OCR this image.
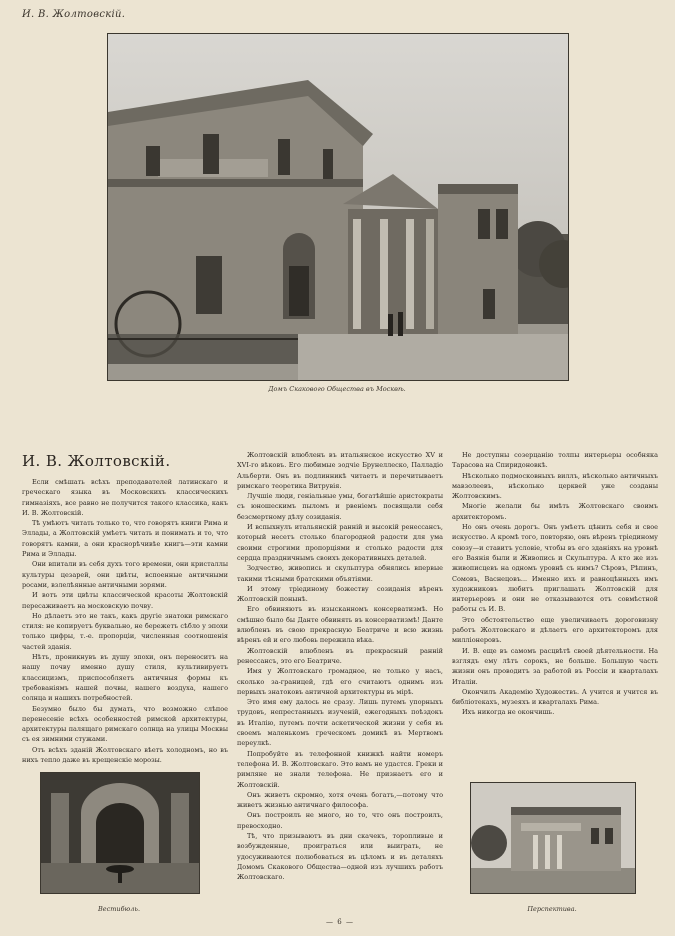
И. В. Жолтовскій.
Домъ Скакового Общества въ Москвѣ.
И. В. Жолтовскій.

Если смѣшать всѣхъ преподавателей латинскаго и греческаго языка въ Московскихъ классическихъ гимназіяхъ, все равно не получится такого классика, какъ И. В. Жолтовскій.

Тѣ умѣютъ читать только то, что говорятъ книги Рима и Эллады, а Жолтовскій умѣетъ читать и понимать и то, что говорятъ камни, а они краснорѣчивѣе книгъ—эти камни Рима и Эллады.

Они впитали въ себя духъ того времени, они кристаллы культуры цезарей, они цвѣты, вспоенные античными росами, взлелѣянные античными зорями.

И вотъ эти цвѣты классической красоты Жолтовскій пересаживаетъ на московскую почву.

Но дѣлаетъ это не такъ, какъ другіе знатоки римскаго стиля: не копируетъ буквально, не бережетъ сѣбло у эпохи только цифры, т.-е. пропорціи, численныя соотношенія частей зданія.

Нѣтъ, проникнувъ въ душу эпохи, онъ переноситъ на нашу почву именно душу стиля, культивируетъ классицизмъ, приспособляетъ античныя формы къ требованіямъ нашей почвы, нашего воздуха, нашего солнца и нашихъ потребностей.

Безумно было бы думать, что возможно слѣпое перенесеніе всѣхъ особенностей римской архитектуры, архитектуры палящаго римскаго солнца на улицы Москвы съ ея зимними стужами.

Отъ всѣхъ зданій Жолтовскаго вѣетъ холодномъ, но въ нихъ тепло даже въ крещенскіе морозы.

Жолтовскій влюбленъ въ итальянское искусство XV и XVI-го вѣковъ. Его любимые зодчіе Брунеллескo, Палладіо Альберти. Онъ въ подлинникѣ читаетъ и перечитываетъ римскаго теоретика Витрувія.

Лучшіе люди, геніальные умы, богатѣйшіе аристократы съ юношескимъ пыломъ и рвеніемъ посвящали себя безсмертному дѣлу созиданія.

И вспыхнулъ итальянскій ранній и высокій ренессансъ, который несетъ столько благородной радости для ума своими строгими пропорціями и столько радости для сердца праздничнымъ своихъ декоративныхъ деталей.

Зодчество, живопись и скульптура обнялись впервые такими тѣсными братскими объятіями.

И этому тріединому божеству созиданія вѣренъ Жолтовскій понынѣ.

Его обвиняютъ въ изысканномъ консерватизмѣ. Но смѣшно было бы Данте обвинять въ консерватизмѣ! Данте влюбленъ въ свою прекрасную Беатриче и всю жизнь вѣренъ ей и его любовь пережила вѣка.

Жолтовскій влюбленъ въ прекрасный ранній ренессансъ, это его Беатриче.

Имя у Жолтовскаго громадное, не только у насъ, сколько за-границей, гдѣ его считаютъ однимъ изъ первыхъ знатоковъ античной архитектуры въ мірѣ.

Это имя ему далось не сразу. Лишь путемъ упорныхъ трудовъ, непрестанныхъ изученій, ежегодныхъ поѣздокъ въ Италію, путемъ почти аскетической жизни у себя въ своемъ маленькомъ греческомъ домикѣ въ Мертвомъ переулкѣ.

Попробуйте въ телефонной книжкѣ найти номеръ телефона И. В. Жолтовскаго. Это вамъ не удастся. Греки и римляне не знали телефона. Не признаетъ его и Жолтовскій.

Онъ живетъ скромно, хотя очень богатъ,—потому что живетъ жизнью античнаго философа.

Онъ построилъ не много, но то, что онъ построилъ, превосходно.

Тѣ, что призываютъ въ дни скачекъ, торопливые и возбужденные, проигрaться или выиграть, не удосуживаются полюбоваться въ цѣломъ и въ деталяхъ Домомъ Скакового Общества—одной изъ лучшихъ работъ Жолтовскаго.

Не доступны созерцанію толпы интерьеры особняка Тарасова на Спиридоновкѣ.

Нѣсколько подмосковныхъ виллъ, нѣсколько античныхъ мавзолеевъ, нѣсколько церквей уже созданы Жолтовскимъ.

Многіе желали бы имѣть Жолтовскаго своимъ архитекторомъ.

Но онъ очень дорогъ. Онъ умѣетъ цѣнить себя и свое искусство. А кромѣ того, повторяю, онъ вѣренъ тріединому союзу—и ставитъ условіе, чтобы въ его зданіяхъ на уровнѣ его Ваянія были и Живопись и Скульптура. А кто же изъ живописцевъ на одномъ уровнѣ съ нимъ? Сѣровъ, Рѣпинъ, Сомовъ, Васнецовъ... Именно ихъ и равноцѣнныхъ имъ художниковъ любитъ приглашать Жолтовскій для интерьеровъ и они не отказываются отъ совмѣстной работы съ И. В.

Это обстоятельство еще увеличиваетъ дороговизну работъ Жолтовскаго и дѣлаетъ его архитекторомъ для милліонеровъ.

И. В. еще въ самомъ расцвѣтѣ своей дѣятельности. На взглядъ ему лѣтъ сорокъ, не больше. Большую часть жизни онъ проводитъ за работой въ Россіи и кварталахъ Италіи.

Окончилъ Академію Художествъ. А учится и учится въ библіотекахъ, музеяхъ и кварталахъ Рима.

Ихъ никогда не окончишь.

Вестибюль.	Перспектива.
— 6 —
